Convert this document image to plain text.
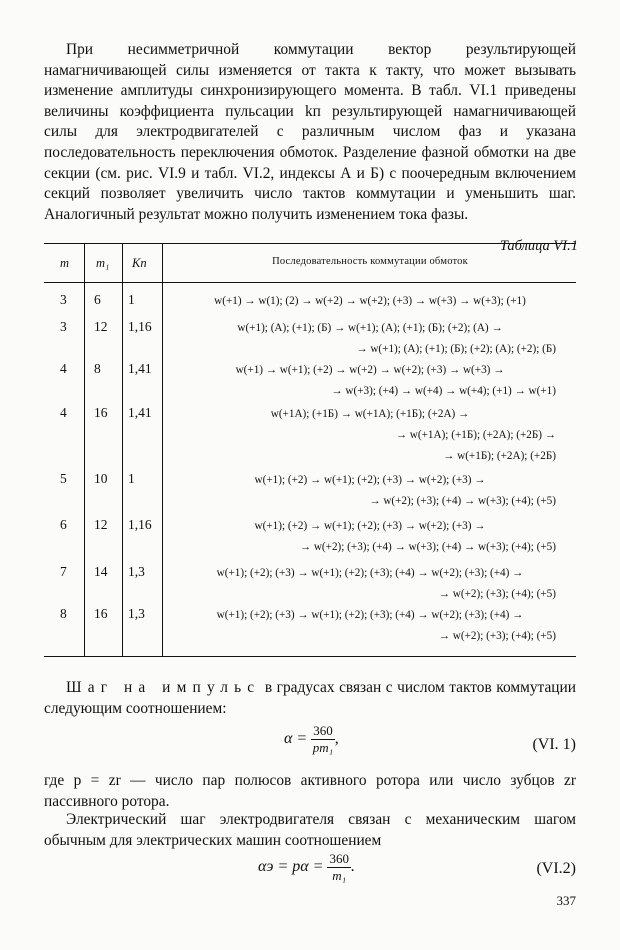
При несимметричной коммутации вектор результирующей намагничивающей силы изменяется от такта к такту, что может вызывать изменение амплитуды синхронизирующего момента. В табл. VI.1 приведены величины коэффициента пульсации kп результирующей намагничивающей силы для электродвигателей с различным числом фаз и указана последовательность переключения обмоток. Разделение фазной обмотки на две секции (см. рис. VI.9 и табл. VI.2, индексы А и Б) с поочередным включением секций позволяет увеличить число тактов коммутации и уменьшить шаг. Аналогичный результат можно получить изменением тока фазы.

Таблица VI.1
m m₁ Kп	Последовательность коммутации обмоток
3 6 1	w(+1) → w(1); (2) → w(+2) → w(+2); (+3) → w(+3) → w(+3); (+1)
3 12 1,16	w(+1); (А); (+1); (Б) → w(+1); (А); (+1); (Б); (+2); (А) →
→ w(+1); (А); (+1); (Б); (+2); (А); (+2); (Б)
4 8 1,41	w(+1) → w(+1); (+2) → w(+2) → w(+2); (+3) → w(+3) →
→ w(+3); (+4) → w(+4) → w(+4); (+1) → w(+1)
4 16 1,41	w(+1А); (+1Б) → w(+1А); (+1Б); (+2А) →
→ w(+1А); (+1Б); (+2А); (+2Б) →
→ w(+1Б); (+2А); (+2Б)
5 10 1	w(+1); (+2) → w(+1); (+2); (+3) → w(+2); (+3) →
→ w(+2); (+3); (+4) → w(+3); (+4); (+5)
6 12 1,16	w(+1); (+2) → w(+1); (+2); (+3) → w(+2); (+3) →
→ w(+2); (+3); (+4) → w(+3); (+4) → w(+3); (+4); (+5)
7 14 1,3	w(+1); (+2); (+3) → w(+1); (+2); (+3); (+4) → w(+2); (+3); (+4) →
→ w(+2); (+3); (+4); (+5)
8 16 1,3	w(+1); (+2); (+3) → w(+1); (+2); (+3); (+4) → w(+2); (+3); (+4) →
→ w(+2); (+3); (+4); (+5)

Шаг на импульс в градусах связан с числом тактов коммутации следующим соотношением:

$\alpha = \frac{360}{\text{pm₁}}$ ,	(VI. 1)

где p = zr — число пар полюсов активного ротора или число зубцов zr пассивного ротора.

Электрический шаг электродвигателя связан с механическим шагом обычным для электрических машин соотношением

$\alpha э = p\alpha = \frac{360}{\text{m₁}}$ .	(VI.2)
337
